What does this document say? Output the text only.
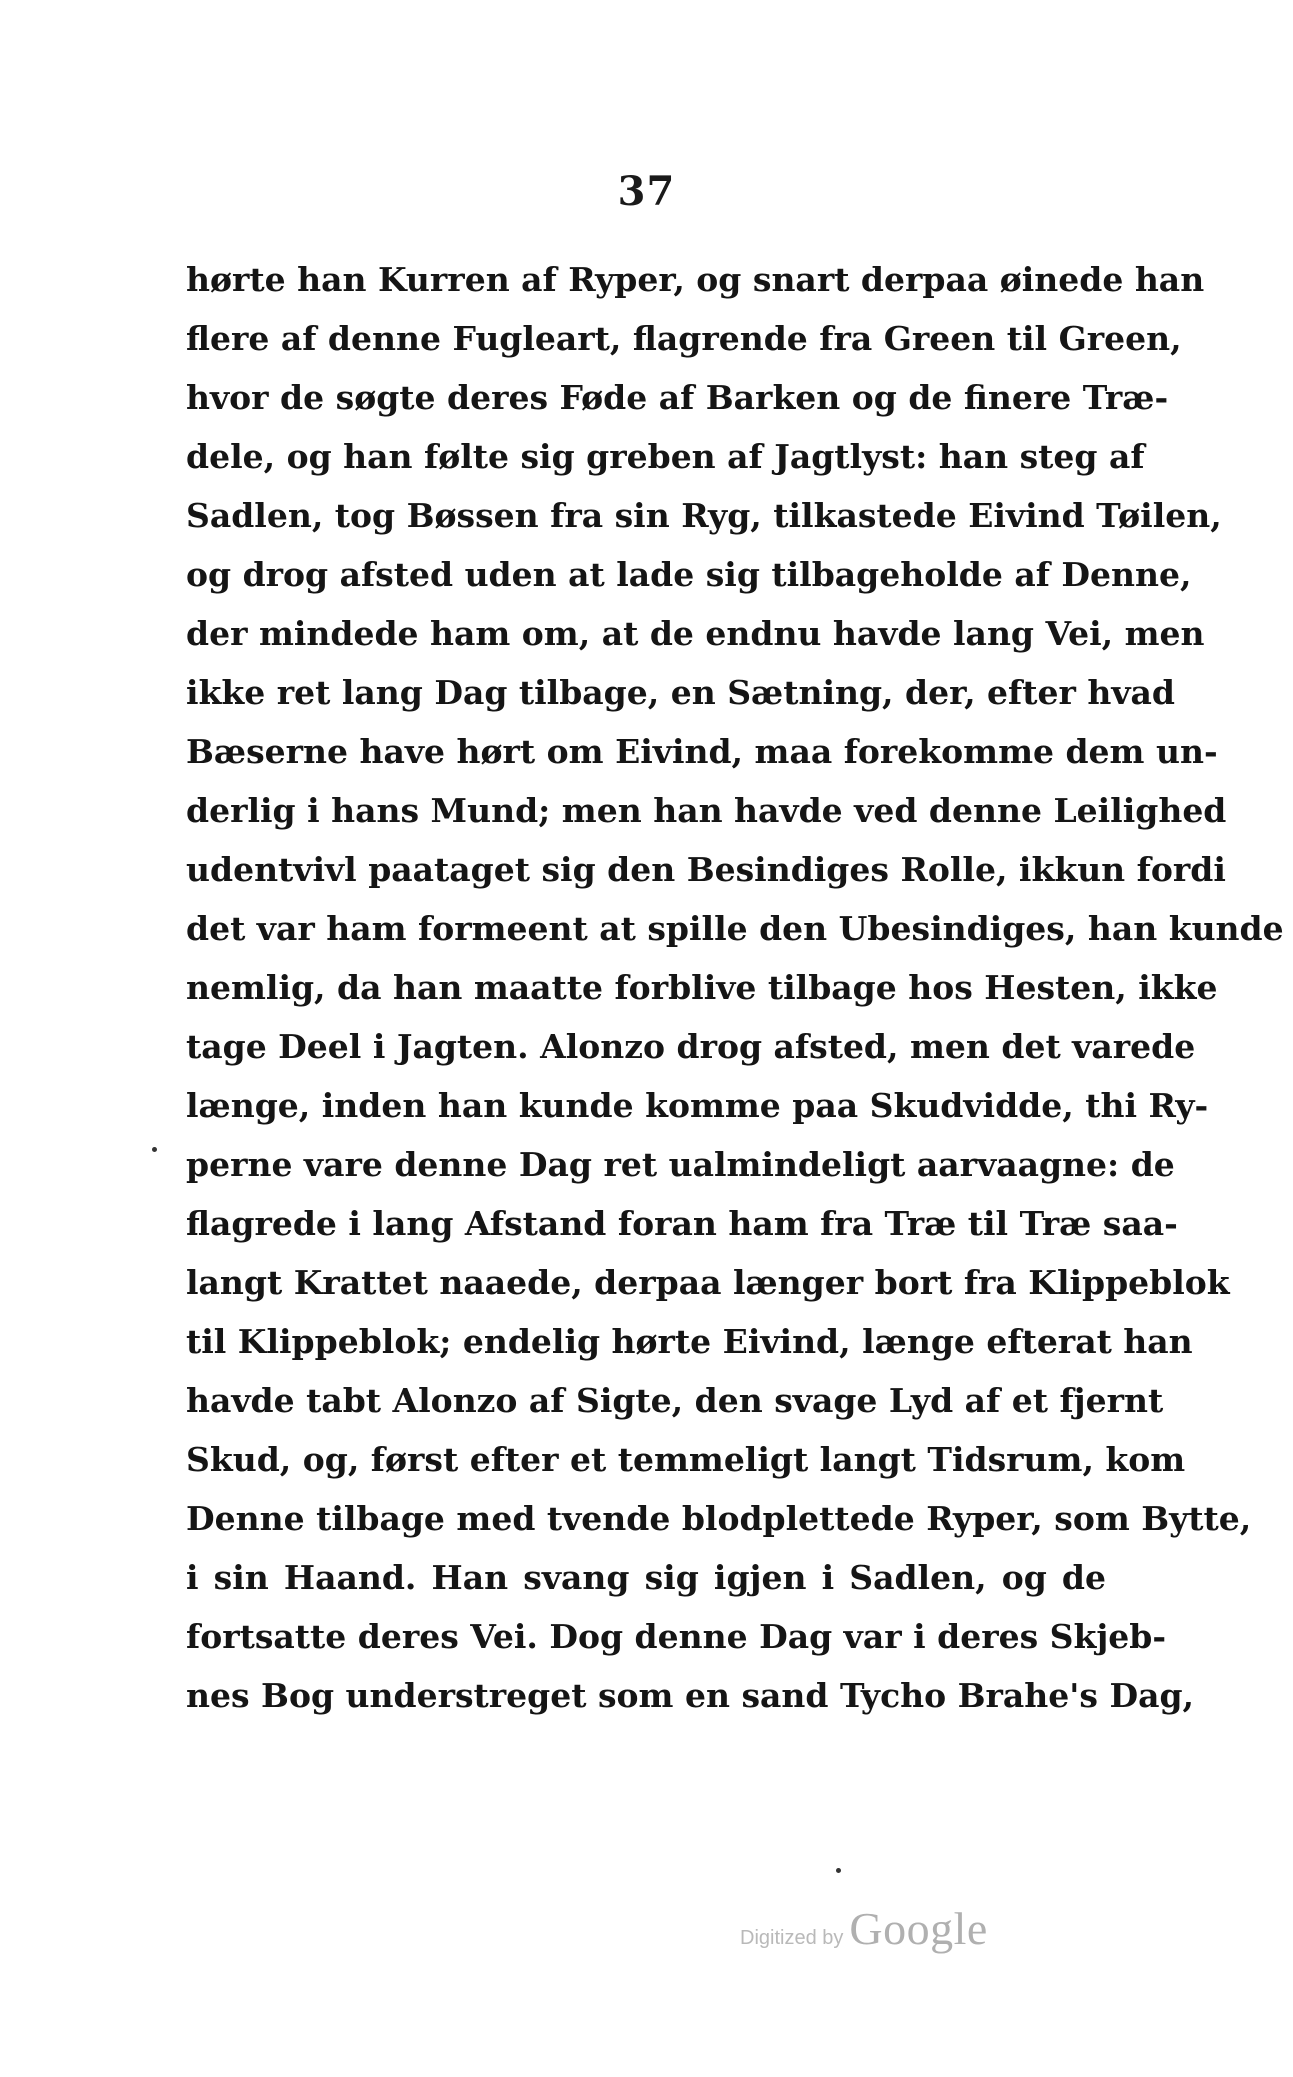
37
hørte han Kurren af Ryper, og snart derpaa øinede han
flere af denne Fugleart, flagrende fra Green til Green,
hvor de søgte deres Føde af Barken og de finere Træ-
dele, og han følte sig greben af Jagtlyst: han steg af
Sadlen, tog Bøssen fra sin Ryg, tilkastede Eivind Tøilen,
og drog afsted uden at lade sig tilbageholde af Denne,
der mindede ham om, at de endnu havde lang Vei, men
ikke ret lang Dag tilbage, en Sætning, der, efter hvad
Bæserne have hørt om Eivind, maa forekomme dem un-
derlig i hans Mund; men han havde ved denne Leilighed
udentvivl paataget sig den Besindiges Rolle, ikkun fordi
det var ham formeent at spille den Ubesindiges, han kunde
nemlig, da han maatte forblive tilbage hos Hesten, ikke
tage Deel i Jagten. Alonzo drog afsted, men det varede
længe, inden han kunde komme paa Skudvidde, thi Ry-
perne vare denne Dag ret ualmindeligt aarvaagne: de
flagrede i lang Afstand foran ham fra Træ til Træ saa-
langt Krattet naaede, derpaa længer bort fra Klippeblok
til Klippeblok; endelig hørte Eivind, længe efterat han
havde tabt Alonzo af Sigte, den svage Lyd af et fjernt
Skud, og, først efter et temmeligt langt Tidsrum, kom
Denne tilbage med tvende blodplettede Ryper, som Bytte,
i sin Haand. Han svang sig igjen i Sadlen, og de
fortsatte deres Vei. Dog denne Dag var i deres Skjeb-
nes Bog understreget som en sand Tycho Brahe's Dag,
Digitized by Google
